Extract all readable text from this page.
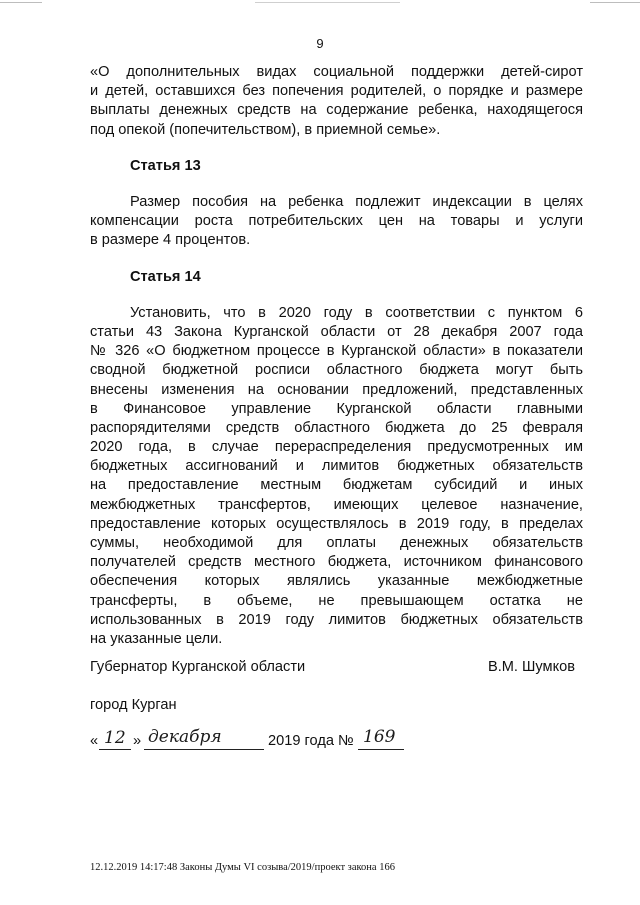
9
«О дополнительных видах социальной поддержки детей-сирот
и детей, оставшихся без попечения родителей, о порядке и размере
выплаты денежных средств на содержание ребенка, находящегося
под опекой (попечительством), в приемной семье».
Статья 13
Размер пособия на ребенка подлежит индексации в целях
компенсации роста потребительских цен на товары и услуги
в размере 4 процентов.
Статья 14
Установить, что в 2020 году в соответствии с пунктом 6
статьи 43 Закона Курганской области от 28 декабря 2007 года
№ 326 «О бюджетном процессе в Курганской области» в показатели
сводной бюджетной росписи областного бюджета могут быть
внесены изменения на основании предложений, представленных
в Финансовое управление Курганской области главными
распорядителями средств областного бюджета до 25 февраля
2020 года, в случае перераспределения предусмотренных им
бюджетных ассигнований и лимитов бюджетных обязательств
на предоставление местным бюджетам субсидий и иных
межбюджетных трансфертов, имеющих целевое назначение,
предоставление которых осуществлялось в 2019 году, в пределах
суммы, необходимой для оплаты денежных обязательств
получателей средств местного бюджета, источником финансового
обеспечения которых являлись указанные межбюджетные
трансферты, в объеме, не превышающем остатка не
использованных в 2019 году лимитов бюджетных обязательств
на указанные цели.
Губернатор Курганской области	В.М. Шумков
город Курган
« 12 » декабря	2019 года № 169
12.12.2019 14:17:48 Законы Думы VI созыва/2019/проект закона 166
